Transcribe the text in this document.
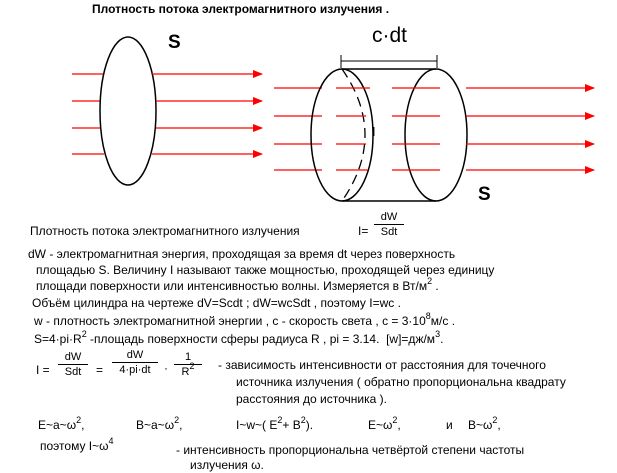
Плотность потока электромагнитного излучения .
S	c·dt
I
S
Плотность потока электромагнитного излучения	I=
dW
Sdt
dW - электромагнитная энергия, проходящая за время dt через поверхность
площадью S. Величину I называют также мощностью, проходящей через единицу
площади поверхности или интенсивностью волны. Измеряется в $Вт/м^2$ .
Объём цилиндра на чертеже dV=Scdt ; dW=wcSdt , поэтому I=wc .
w - плотность электромагнитной энергии , с - скорость света , $с = 3\cdot 10^8м/с$ .
$S=4\cdot pi\cdot R^2$ -площадь поверхности сферы радиуса R , pi = 3.14. $[w]=дж/м^3$.
I =
dW
Sdt	=
dW
4·pi·dt	·
1
$R^2$	- зависимость интенсивности от расстояния для точечного
источника излучения ( обратно пропорциональна квадрату
расстояния до источника ).
$E\sim a\sim\omega^2$,	$B\sim a\sim\omega^2$,	I~w~( $E^2+ B^2$).	$E\sim\omega^2$,	и $B\sim\omega^2$,
поэтому $I\sim\omega^4$
- интенсивность пропорциональна четвёртой степени частоты
излучения ω.
